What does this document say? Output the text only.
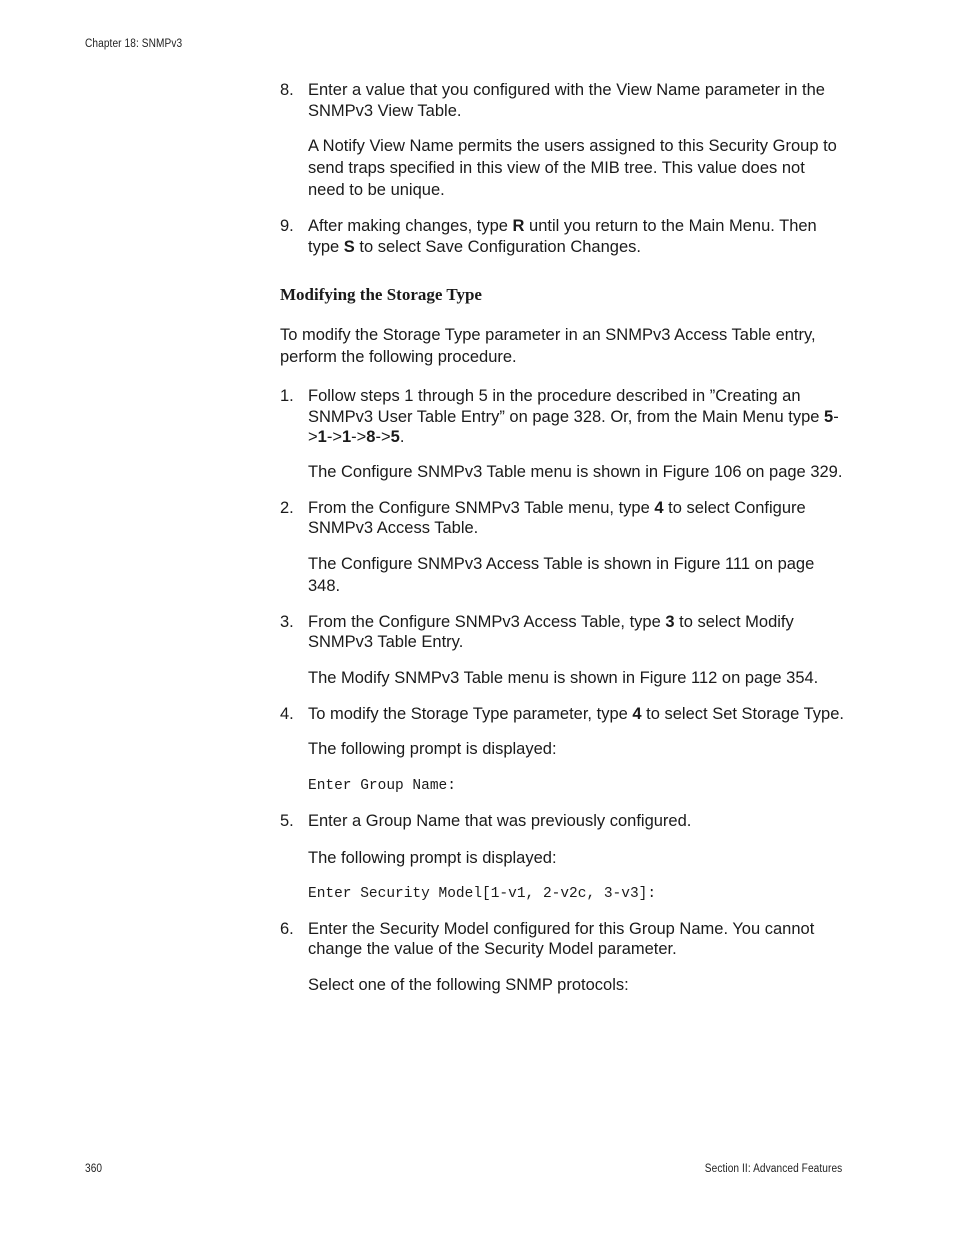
Chapter 18: SNMPv3
8. Enter a value that you configured with the View Name parameter in the SNMPv3 View Table.

A Notify View Name permits the users assigned to this Security Group to send traps specified in this view of the MIB tree. This value does not need to be unique.

9. After making changes, type R until you return to the Main Menu. Then type S to select Save Configuration Changes.

Modifying the Storage Type

To modify the Storage Type parameter in an SNMPv3 Access Table entry, perform the following procedure.

1. Follow steps 1 through 5 in the procedure described in ”Creating an SNMPv3 User Table Entry” on page 328. Or, from the Main Menu type 5->1->1->8->5.

The Configure SNMPv3 Table menu is shown in Figure 106 on page 329.

2. From the Configure SNMPv3 Table menu, type 4 to select Configure SNMPv3 Access Table.

The Configure SNMPv3 Access Table is shown in Figure 111 on page 348.

3. From the Configure SNMPv3 Access Table, type 3 to select Modify SNMPv3 Table Entry.

The Modify SNMPv3 Table menu is shown in Figure 112 on page 354.

4. To modify the Storage Type parameter, type 4 to select Set Storage Type.

The following prompt is displayed:

Enter Group Name:
5. Enter a Group Name that was previously configured.

The following prompt is displayed:

Enter Security Model[1-v1, 2-v2c, 3-v3]:
6. Enter the Security Model configured for this Group Name. You cannot change the value of the Security Model parameter.

Select one of the following SNMP protocols:

360	Section II: Advanced Features
